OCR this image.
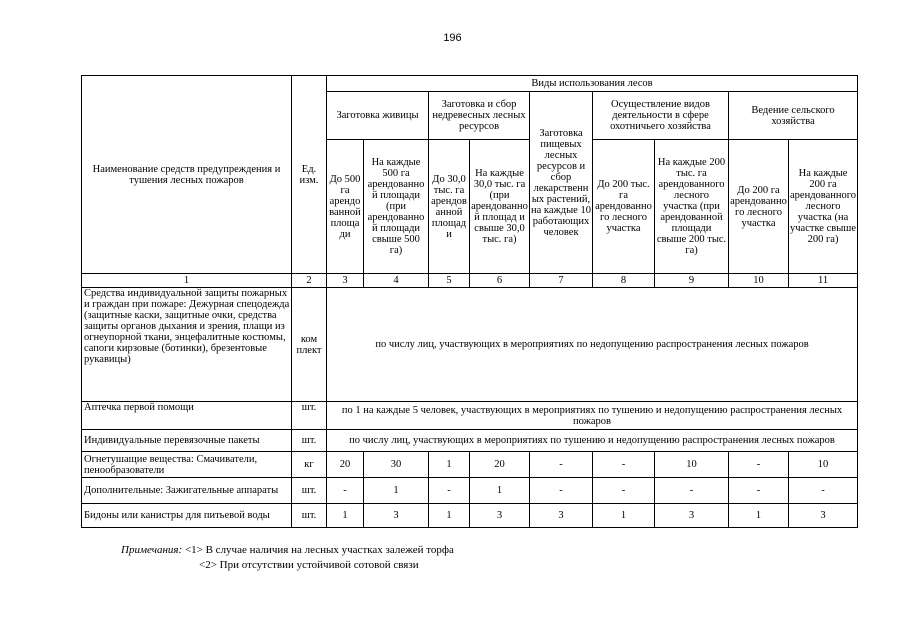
196
Наименование средств предупреждения и тушения лесных пожаров	Ед. изм.	Виды использования лесов								
		Заготовка живицы		Заготовка и сбор недревесных лесных ресурсов		Заготовка пищевых лесных ресурсов и сбор лекарственных растений, на каждые 10 работающих человек	Осуществление видов деятельности в сфере охотничьего хозяйства		Ведение сельского хозяйства	
		До 500 га арендованной площади	На каждые 500 га арендованной площади (при арендованной площади свыше 500 га)	До 30,0 тыс. га арендованной площади	На каждые 30,0 тыс. га (при арендованной площад и свыше 30,0 тыс. га)		До 200 тыс. га арендованного лесного участка	На каждые 200 тыс. га арендованного лесного участка (при арендованной площади свыше 200 тыс. га)	До 200 га арендованного лесного участка	На каждые 200 га арендованного лесного участка (на участке свыше 200 га)
1	2	3	4	5	6	7	8	9	10	11
Средства индивидуальной защиты пожарных и граждан при пожаре: Дежурная спецодежда (защитные каски, защитные очки, средства защиты органов дыхания и зрения, плащи из огнеупорной ткани, энцефалитные костюмы, сапоги кирзовые (ботинки), брезентовые рукавицы)	ком плект	по числу лиц, участвующих в мероприятиях по недопущению распространения лесных пожаров								
Аптечка первой помощи	шт.	по 1 на каждые 5 человек, участвующих в мероприятиях по тушению и недопущению распространения лесных пожаров								
Индивидуальные перевязочные пакеты	шт.	по числу лиц, участвующих в мероприятиях по тушению и недопущению распространения лесных пожаров								
Огнетушащие вещества: Смачиватели, пенообразователи	кг	20	30	1	20	-	-	10	-	10
Дополнительные: Зажигательные аппараты	шт.	-	1	-	1	-	-	-	-	-
Бидоны или канистры для питьевой воды	шт.	1	3	1	3	3	1	3	1	3
Примечания: <1> В случае наличия на лесных участках залежей торфа
<2> При отсутствии устойчивой сотовой связи
